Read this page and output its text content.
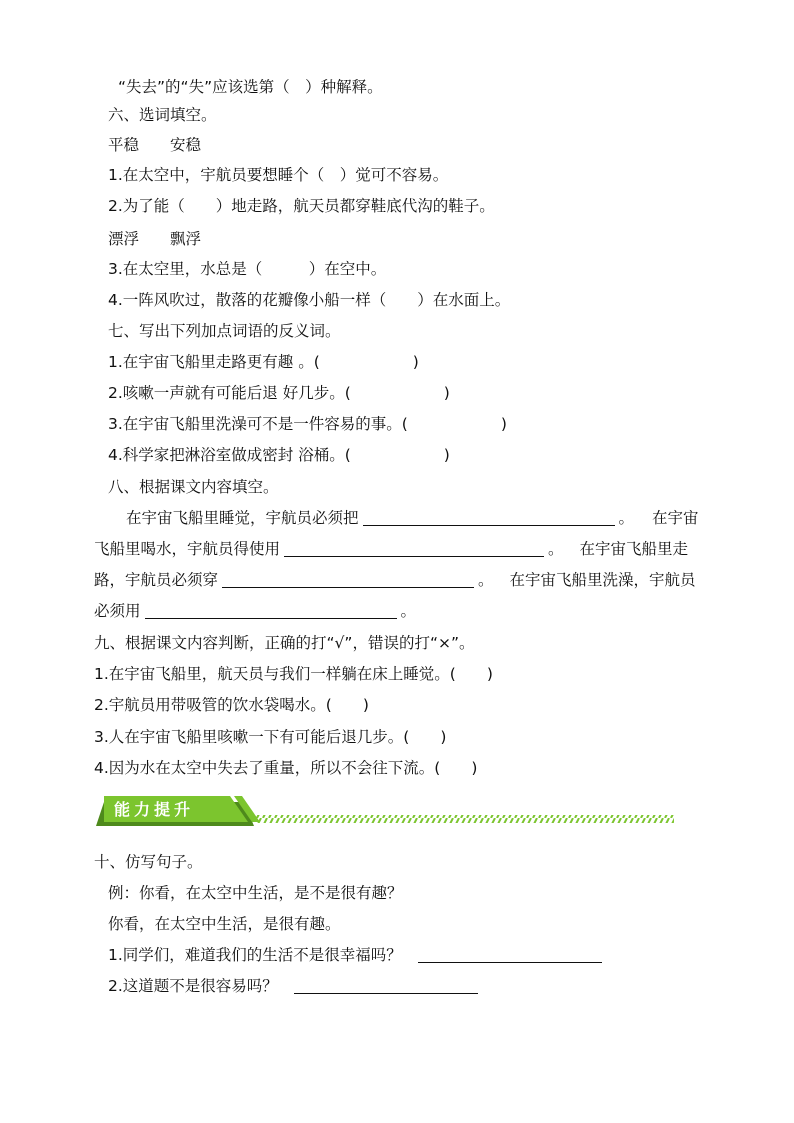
“失去”的“失”应该选第（　）种解释。
六、选词填空。
平稳　　安稳
1.在太空中，宇航员要想睡个（　）觉可不容易。
2.为了能（　　）地走路，航天员都穿鞋底代沟的鞋子。
漂浮　　飘浮
3.在太空里，水总是（　　　）在空中。
4.一阵风吹过，散落的花瓣像小船一样（　　）在水面上。
七、写出下列加点词语的反义词。
1.在宇宙飞船里走路更有趣 。(　　　　　　)
2.咳嗽一声就有可能后退 好几步。(　　　　　　)
3.在宇宙飞船里洗澡可不是一件容易的事。(　　　　　　)
4.科学家把淋浴室做成密封 浴桶。(　　　　　　)
八、根据课文内容填空。
在宇宙飞船里睡觉，宇航员必须把	。 在宇宙
飞船里喝水，宇航员得使用	。 在宇宙飞船里走
路，宇航员必须穿	。 在宇宙飞船里洗澡，宇航员
必须用	。
九、根据课文内容判断，正确的打“√”，错误的打“×”。
1.在宇宙飞船里，航天员与我们一样躺在床上睡觉。(　　)
2.宇航员用带吸管的饮水袋喝水。(　　)
3.人在宇宙飞船里咳嗽一下有可能后退几步。(　　)
4.因为水在太空中失去了重量，所以不会往下流。(　　)
能力提升
十、仿写句子。
例：你看，在太空中生活，是不是很有趣？
你看，在太空中生活，是很有趣。
1.同学们，难道我们的生活不是很幸福吗？
2.这道题不是很容易吗？
